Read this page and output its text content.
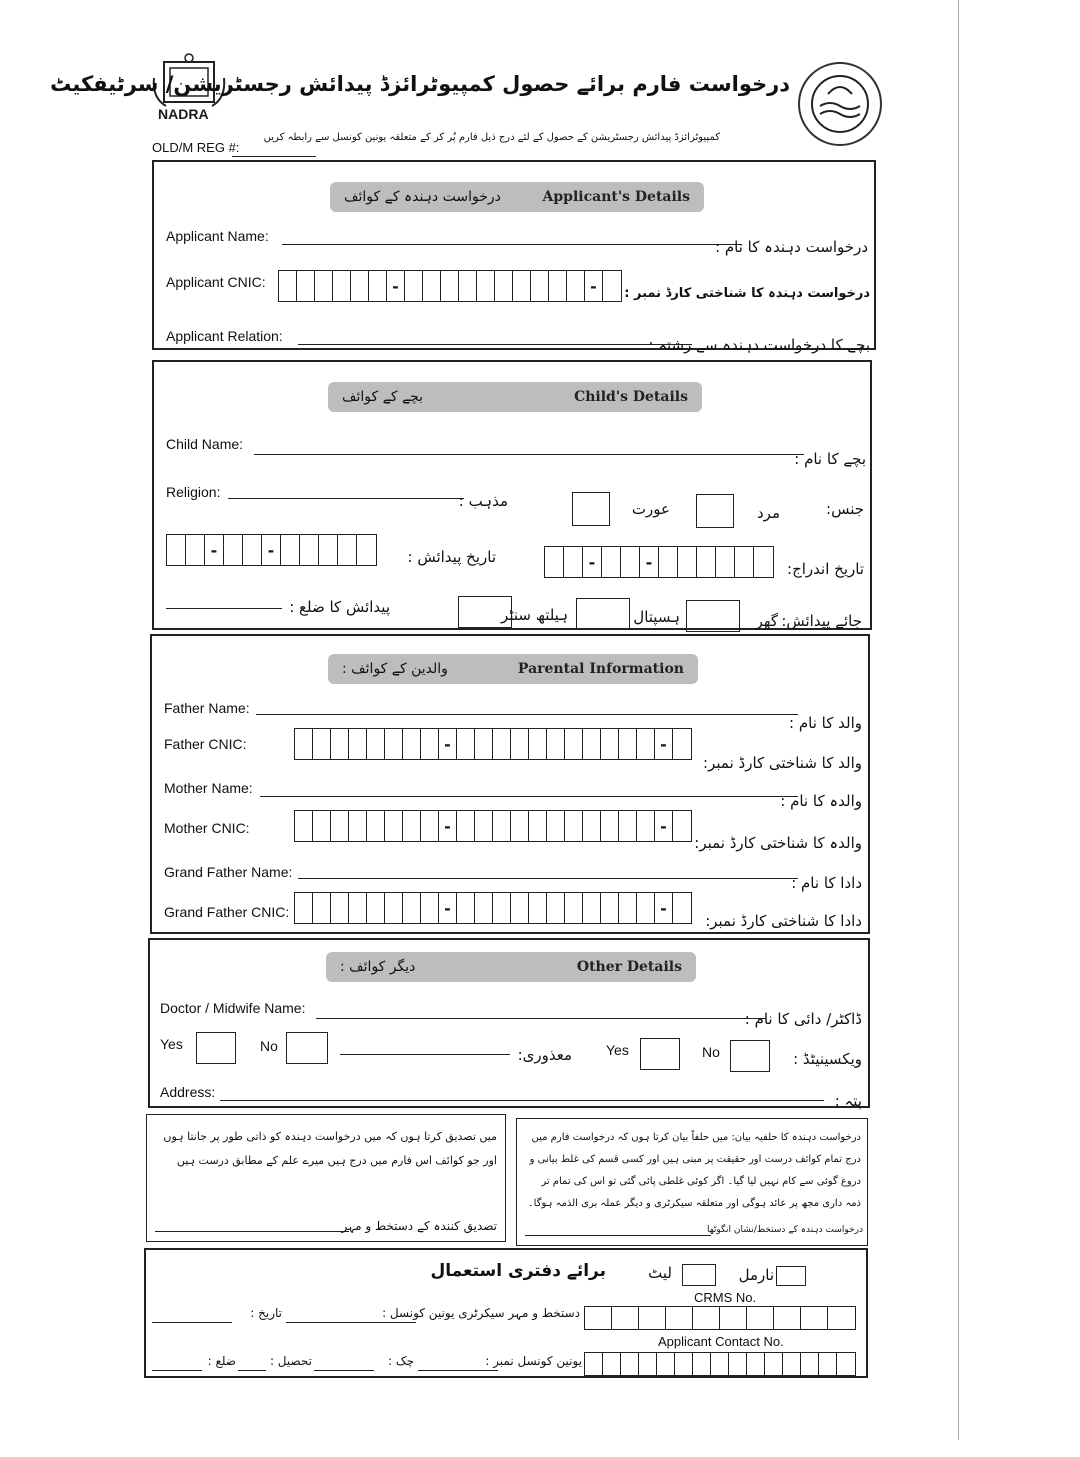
NADRA
درخواست فارم برائے حصول کمپیوٹرائزڈ پیدائش رجسٹریشن/ سرٹیفکیٹ
کمپیوٹرائزڈ پیدائش رجسٹریشن کے حصول کے لئے درج ذیل فارم پُر کر کے متعلقہ یونین کونسل سے رابطہ کریں
OLD/M REG #:
درخواست دہندہ کے کوائف	Applicant's Details
Applicant Name:
درخواست دہندہ کا نام :
Applicant CNIC:	-	-	درخواست دہندہ کا شناختی کارڈ نمبر :
Applicant Relation:	بچے کا درخواست دہندہ سے رشتہ :
بچے کے کوائف	Child's Details
Child Name:
بچے کا نام :
Religion:	مذہب :	عورت	مرد	جنس:
-	-	تاریخ پیدائش :	-	-	تاریخ اندراج:
پیدائش کا ضلع :	ہیلتھ سنٹر	ہسپتال	گھر جائے پیدائش:
والدین کے کوائف :	Parental Information
Father Name:
والد کا نام :
Father CNIC:	-	-
والد کا شناختی کارڈ نمبر:
Mother Name:
والدہ کا نام :
Mother CNIC:	-	-
والدہ کا شناختی کارڈ نمبر:
Grand Father Name:
دادا کا نام :
Grand Father CNIC:	-	-
دادا کا شناختی کارڈ نمبر:
دیگر کوائف :	Other Details
Doctor / Midwife Name:
ڈاکٹر/ دائی کا نام :
Yes	No	معذوری: Yes	No	ویکسینیٹڈ :
Address:	پتہ :
میں تصدیق کرتا ہوں کہ میں درخواست دہندہ کو ذاتی طور پر جانتا ہوں اور جو کوائف اس فارم میں درج ہیں میرے علم کے مطابق درست ہیں
تصدیق کنندہ کے دستخط و مہر
درخواست دہندہ کا حلفیہ بیان: میں حلفاً بیان کرتا ہوں کہ درخواست فارم میں درج تمام کوائف درست اور حقیقت پر مبنی ہیں اور کسی قسم کی غلط بیانی و دروغ گوئی سے کام نہیں لیا گیا۔ اگر کوئی غلطی پائی گئی تو اس کی تمام تر ذمہ داری مجھ پر عائد ہوگی اور متعلقہ سیکرٹری و دیگر عملہ بری الذمہ ہوگا۔
درخواست دہندہ کے دستخط/نشان انگوٹھا
برائے دفتری استعمال	لیٹ	نارمل
CRMS No.
دستخط و مہر سیکرٹری یونین کونسل :
تاریخ :
Applicant Contact No.
یونین کونسل نمبر :
چک :
تحصیل :
ضلع :
